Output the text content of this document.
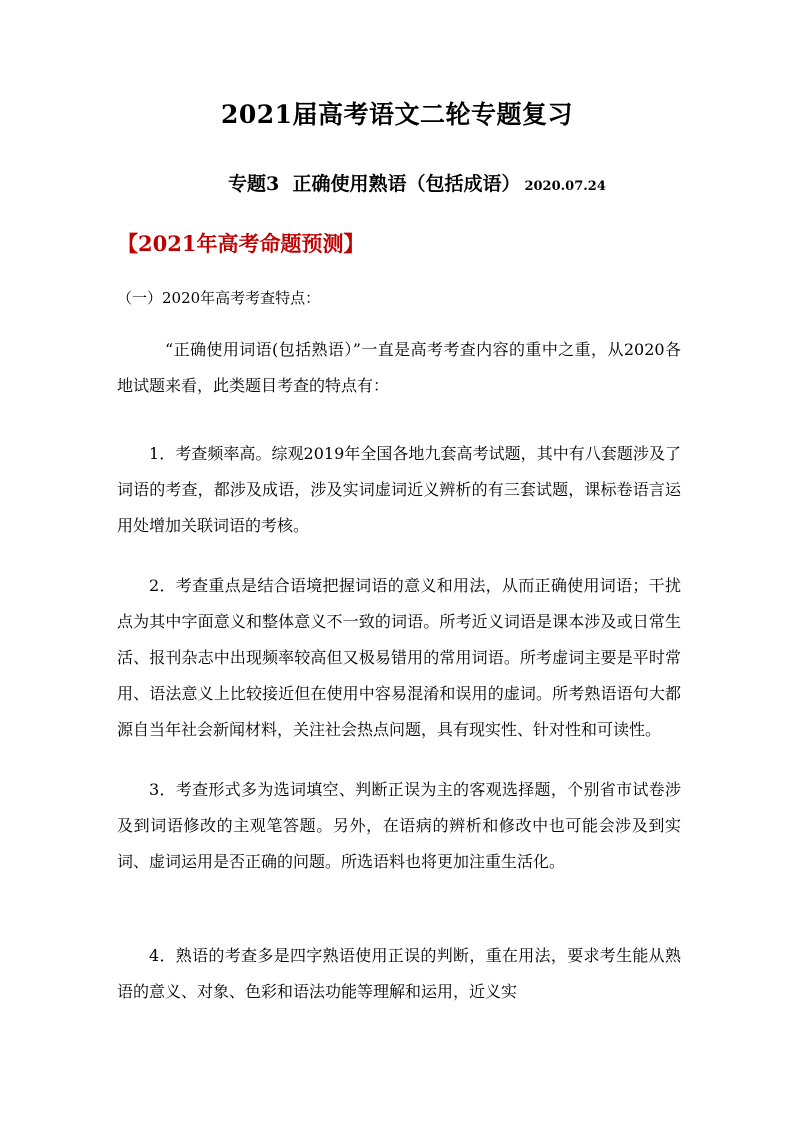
2021届高考语文二轮专题复习
专题3  正确使用熟语（包括成语） 2020.07.24
【2021年高考命题预测】
（一）2020年高考考查特点：
“正确使用词语(包括熟语）”一直是高考考查内容的重中之重，从2020各地试题来看，此类题目考查的特点有：
1．考查频率高。综观2019年全国各地九套高考试题，其中有八套题涉及了词语的考查，都涉及成语，涉及实词虚词近义辨析的有三套试题，课标卷语言运用处增加关联词语的考核。
2．考查重点是结合语境把握词语的意义和用法，从而正确使用词语；干扰点为其中字面意义和整体意义不一致的词语。所考近义词语是课本涉及或日常生活、报刊杂志中出现频率较高但又极易错用的常用词语。所考虚词主要是平时常用、语法意义上比较接近但在使用中容易混淆和误用的虚词。所考熟语语句大都源自当年社会新闻材料，关注社会热点问题，具有现实性、针对性和可读性。
3．考查形式多为选词填空、判断正误为主的客观选择题，个别省市试卷涉及到词语修改的主观笔答题。另外，在语病的辨析和修改中也可能会涉及到实词、虚词运用是否正确的问题。所选语料也将更加注重生活化。
4．熟语的考查多是四字熟语使用正误的判断，重在用法，要求考生能从熟语的意义、对象、色彩和语法功能等理解和运用，近义实
